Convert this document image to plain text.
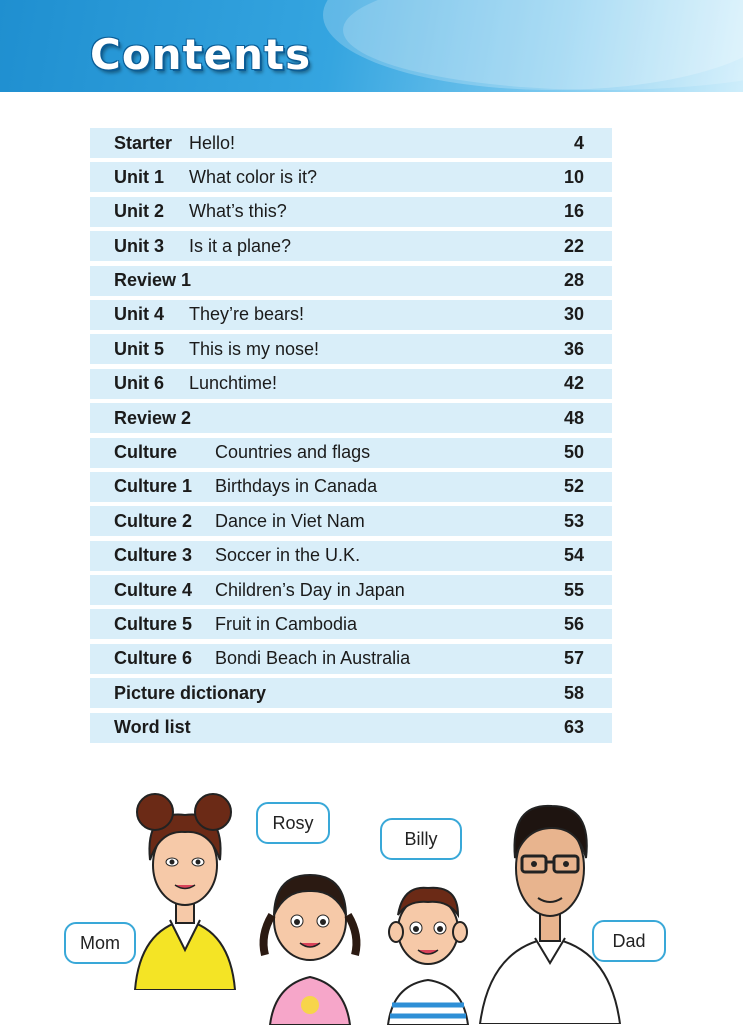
Contents
Starter Hello!	4
Unit 1 What color is it?	10
Unit 2 What’s this?	16
Unit 3 Is it a plane?	22
Review 1	28
Unit 4 They’re bears!	30
Unit 5 This is my nose!	36
Unit 6 Lunchtime!	42
Review 2	48
Culture Countries and flags	50
Culture 1 Birthdays in Canada	52
Culture 2 Dance in Viet Nam	53
Culture 3 Soccer in the U.K.	54
Culture 4 Children’s Day in Japan	55
Culture 5 Fruit in Cambodia	56
Culture 6 Bondi Beach in Australia	57
Picture dictionary	58
Word list	63
Mom
Rosy
Billy
Dad
